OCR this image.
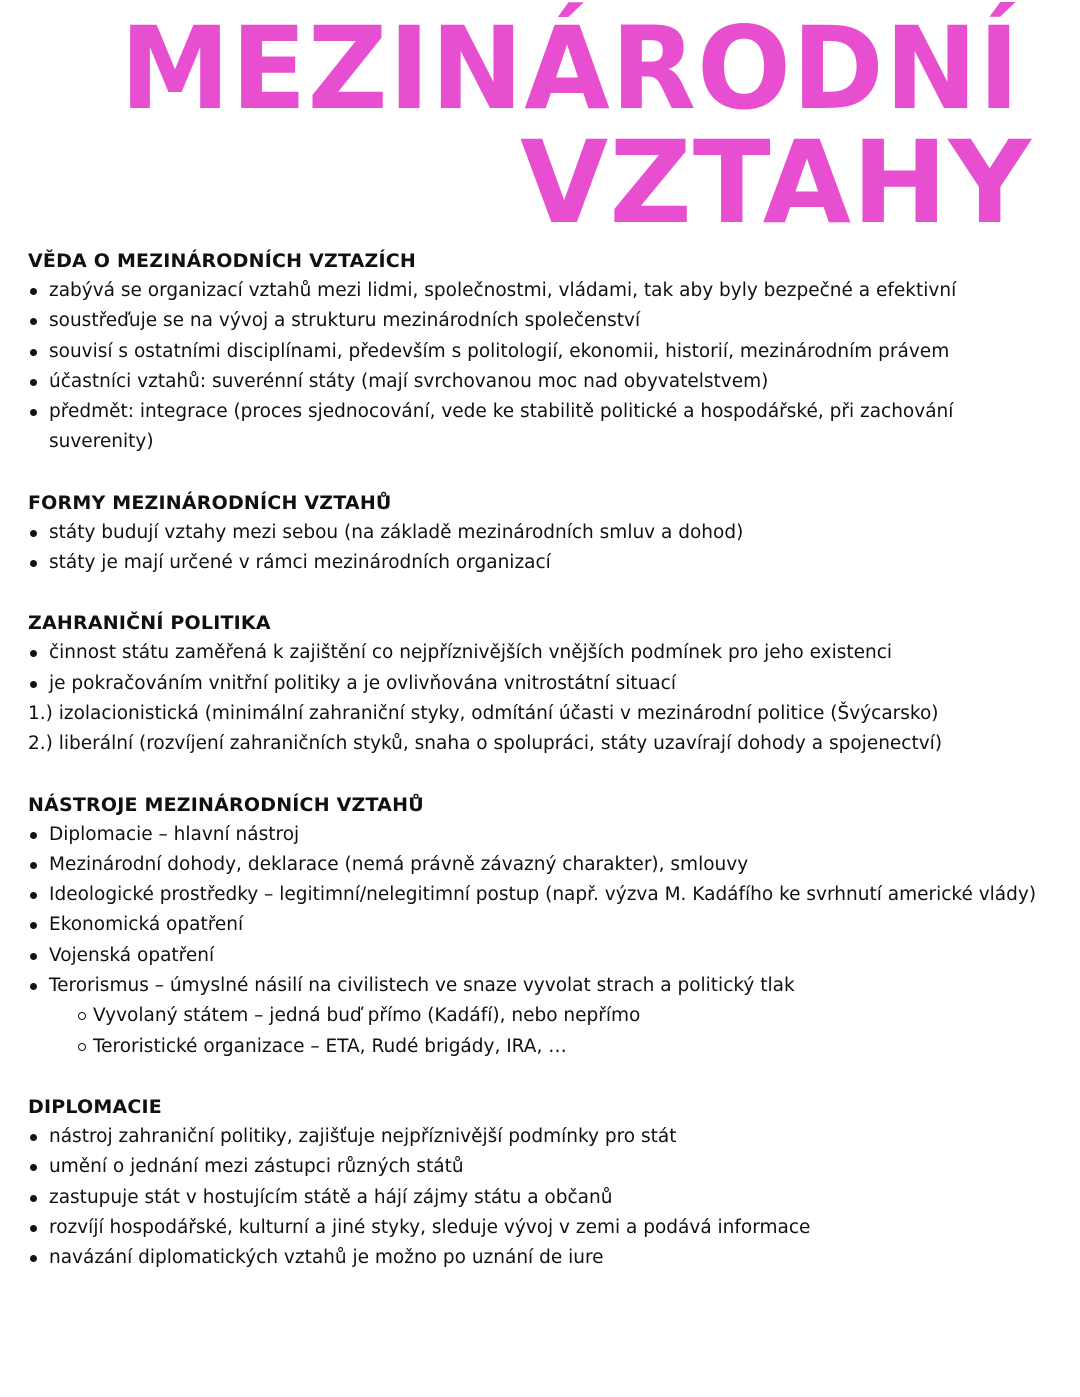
MEZINÁRODNÍ
VZTAHY
VĚDA O MEZINÁRODNÍCH VZTAZÍCH
zabývá se organizací vztahů mezi lidmi, společnostmi, vládami, tak aby byly bezpečné a efektivní
soustřeďuje se na vývoj a strukturu mezinárodních společenství
souvisí s ostatními disciplínami, především s politologií, ekonomii, historií, mezinárodním právem
účastníci vztahů: suverénní státy (mají svrchovanou moc nad obyvatelstvem)
předmět: integrace (proces sjednocování, vede ke stabilitě politické a hospodářské, při zachování suverenity)
FORMY MEZINÁRODNÍCH VZTAHŮ
státy budují vztahy mezi sebou (na základě mezinárodních smluv a dohod)
státy je mají určené v rámci mezinárodních organizací
ZAHRANIČNÍ POLITIKA
činnost státu zaměřená k zajištění co nejpříznivějších vnějších podmínek pro jeho existenci
je pokračováním vnitřní politiky a je ovlivňována vnitrostátní situací
1.) izolacionistická (minimální zahraniční styky, odmítání účasti v mezinárodní politice (Švýcarsko)
2.) liberální (rozvíjení zahraničních styků, snaha o spolupráci, státy uzavírají dohody a spojenectví)
NÁSTROJE MEZINÁRODNÍCH VZTAHŮ
Diplomacie – hlavní nástroj
Mezinárodní dohody, deklarace (nemá právně závazný charakter), smlouvy
Ideologické prostředky – legitimní/nelegitimní postup (např. výzva M. Kadáfího ke svrhnutí americké vlády)
Ekonomická opatření
Vojenská opatření
Terorismus – úmyslné násilí na civilistech ve snaze vyvolat strach a politický tlak
Vyvolaný státem – jedná buď přímo (Kadáfí), nebo nepřímo
Teroristické organizace – ETA, Rudé brigády, IRA, …
DIPLOMACIE
nástroj zahraniční politiky, zajišťuje nejpříznivější podmínky pro stát
umění o jednání mezi zástupci různých států
zastupuje stát v hostujícím státě a hájí zájmy státu a občanů
rozvíjí hospodářské, kulturní a jiné styky, sleduje vývoj v zemi a podává informace
navázání diplomatických vztahů je možno po uznání de iure
